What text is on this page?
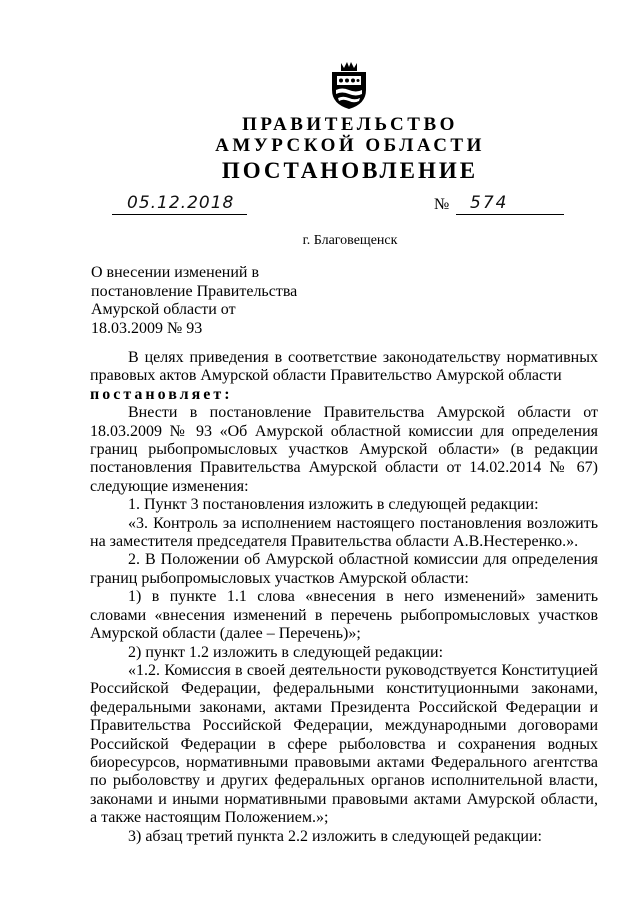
ПРАВИТЕЛЬСТВО
АМУРСКОЙ ОБЛАСТИ
ПОСТАНОВЛЕНИЕ
05.12.2018	№ 574
г. Благовещенск
О внесении изменений в
постановление Правительства
Амурской области от
18.03.2009 № 93

В целях приведения в соответствие законодательству нормативных правовых актов Амурской области Правительство Амурской области

постановляет:

Внести в постановление Правительства Амурской области от 18.03.2009 № 93 «Об Амурской областной комиссии для определения границ рыбопромысловых участков Амурской области» (в редакции постановления Правительства Амурской области от 14.02.2014 № 67) следующие изменения:

1. Пункт 3 постановления изложить в следующей редакции:

«3. Контроль за исполнением настоящего постановления возложить на заместителя председателя Правительства области А.В.Нестеренко.».

2. В Положении об Амурской областной комиссии для определения границ рыбопромысловых участков Амурской области:

1) в пункте 1.1 слова «внесения в него изменений» заменить словами «внесения изменений в перечень рыбопромысловых участков Амурской области (далее – Перечень)»;

2) пункт 1.2 изложить в следующей редакции:

«1.2. Комиссия в своей деятельности руководствуется Конституцией Российской Федерации, федеральными конституционными законами, федеральными законами, актами Президента Российской Федерации и Правительства Российской Федерации, международными договорами Российской Федерации в сфере рыболовства и сохранения водных биоресурсов, нормативными правовыми актами Федерального агентства по рыболовству и других федеральных органов исполнительной власти, законами и иными нормативными правовыми актами Амурской области, а также настоящим Положением.»;

3) абзац третий пункта 2.2 изложить в следующей редакции:
